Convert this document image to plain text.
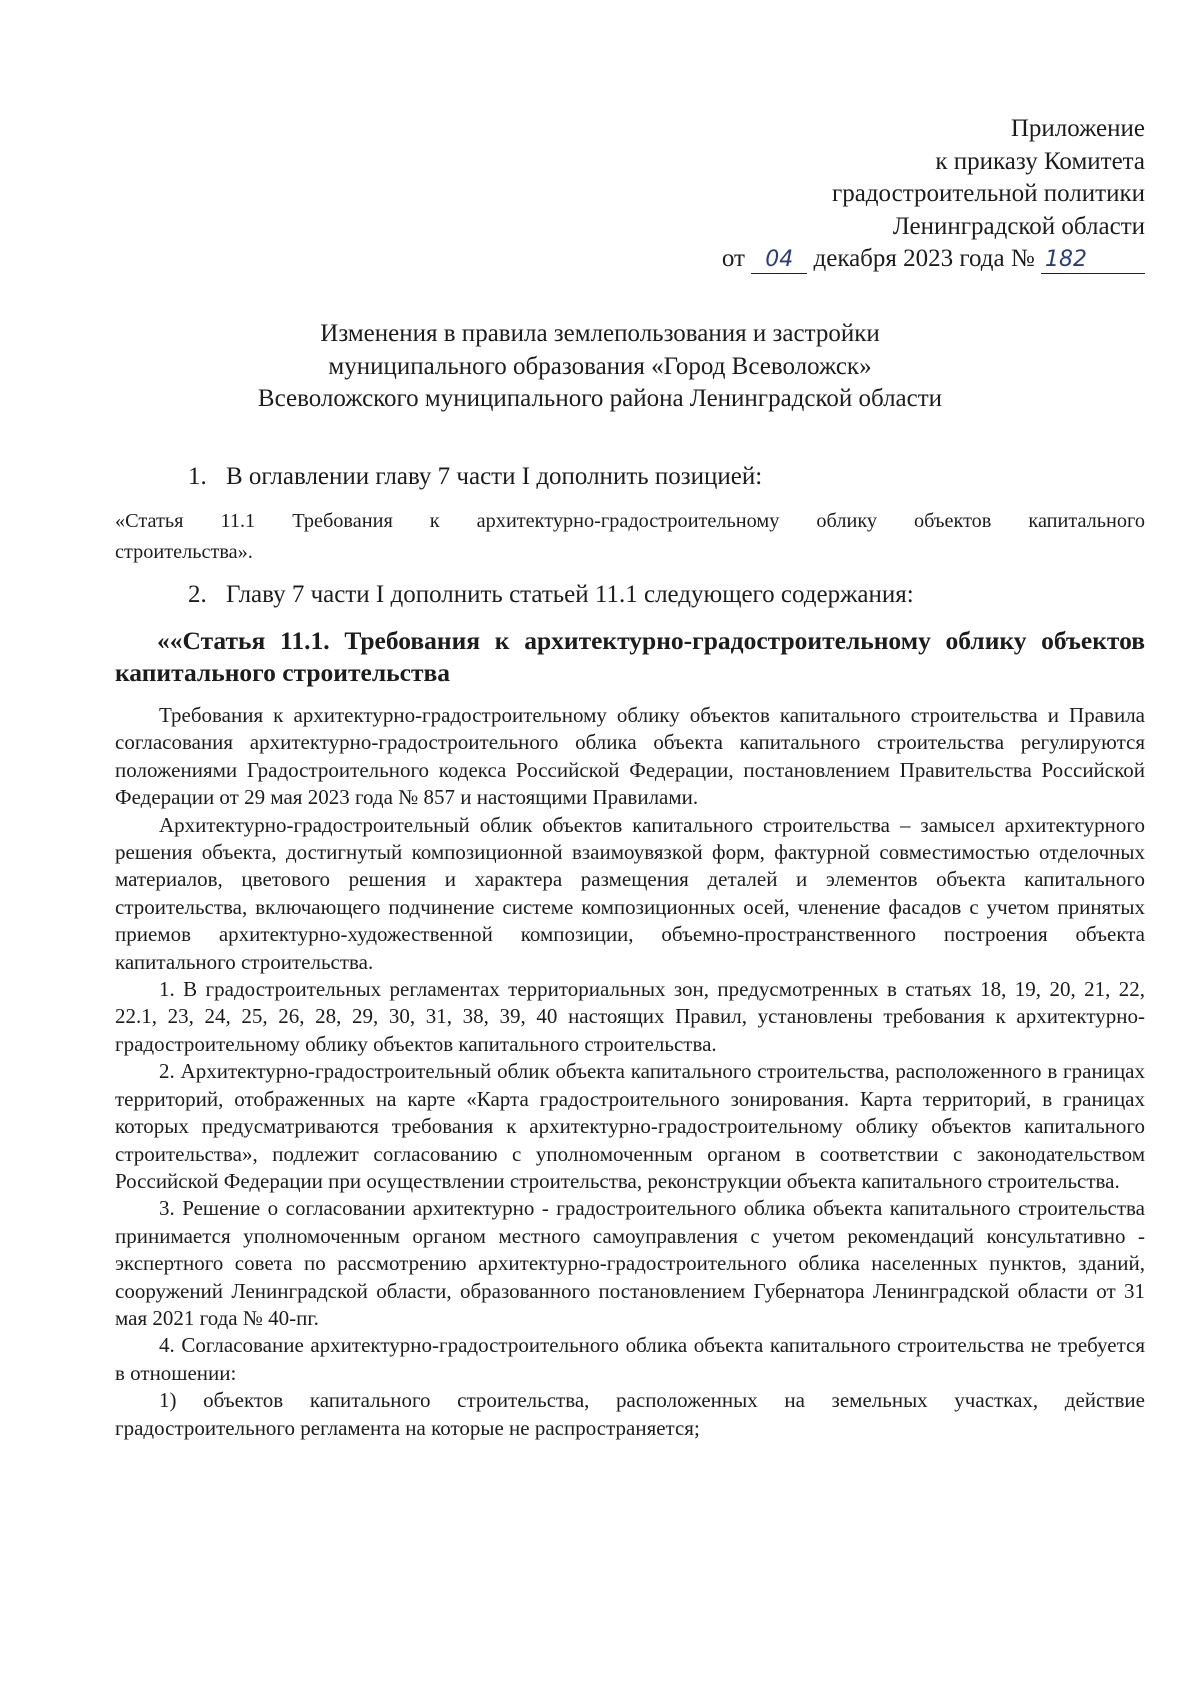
Приложение
к приказу Комитета
градостроительной политики
Ленинградской области
от 04 декабря 2023 года № 182
Изменения в правила землепользования и застройки
муниципального образования «Город Всеволожск»
Всеволожского муниципального района Ленинградской области
1. В оглавлении главу 7 части I дополнить позицией:
«Статья 11.1 Требования к архитектурно-градостроительному облику объектов капитального
строительства».
2. Главу 7 части I дополнить статьей 11.1 следующего содержания:
««Статья 11.1. Требования к архитектурно-градостроительному облику объектов капитального строительства

Требования к архитектурно-градостроительному облику объектов капитального строительства и Правила согласования архитектурно-градостроительного облика объекта капитального строительства регулируются положениями Градостроительного кодекса Российской Федерации, постановлением Правительства Российской Федерации от 29 мая 2023 года № 857 и настоящими Правилами.

Архитектурно-градостроительный облик объектов капитального строительства – замысел архитектурного решения объекта, достигнутый композиционной взаимоувязкой форм, фактурной совместимостью отделочных материалов, цветового решения и характера размещения деталей и элементов объекта капитального строительства, включающего подчинение системе композиционных осей, членение фасадов с учетом принятых приемов архитектурно-художественной композиции, объемно-пространственного построения объекта капитального строительства.

1. В градостроительных регламентах территориальных зон, предусмотренных в статьях 18, 19, 20, 21, 22, 22.1, 23, 24, 25, 26, 28, 29, 30, 31, 38, 39, 40 настоящих Правил, установлены требования к архитектурно-градостроительному облику объектов капитального строительства.

2. Архитектурно-градостроительный облик объекта капитального строительства, расположенного в границах территорий, отображенных на карте «Карта градостроительного зонирования. Карта территорий, в границах которых предусматриваются требования к архитектурно-градостроительному облику объектов капитального строительства», подлежит согласованию с уполномоченным органом в соответствии с законодательством Российской Федерации при осуществлении строительства, реконструкции объекта капитального строительства.

3. Решение о согласовании архитектурно - градостроительного облика объекта капитального строительства принимается уполномоченным органом местного самоуправления с учетом рекомендаций консультативно - экспертного совета по рассмотрению архитектурно-градостроительного облика населенных пунктов, зданий, сооружений Ленинградской области, образованного постановлением Губернатора Ленинградской области от 31 мая 2021 года № 40-пг.

4. Согласование архитектурно-градостроительного облика объекта капитального строительства не требуется в отношении:

1) объектов капитального строительства, расположенных на земельных участках, действие градостроительного регламента на которые не распространяется;
